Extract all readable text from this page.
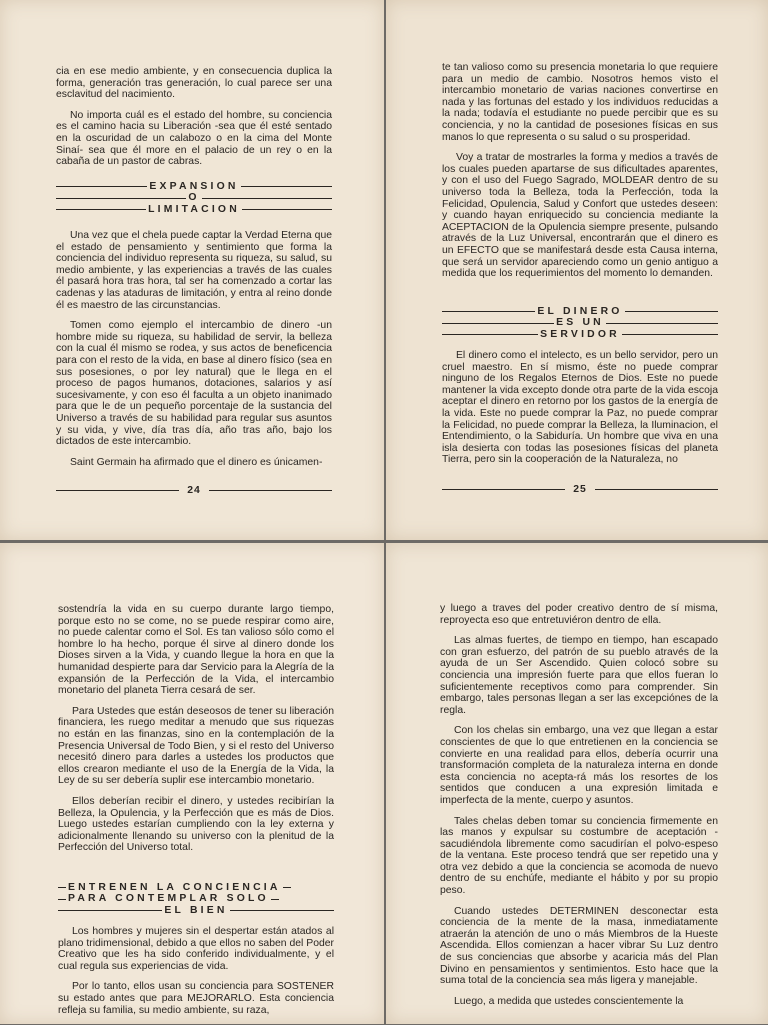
cia en ese medio ambiente, y en consecuencia duplica la forma, generación tras generación, lo cual parece ser una esclavitud del nacimiento.

No importa cuál es el estado del hombre, su conciencia es el camino hacia su Liberación -sea que él esté sentado en la oscuridad de un calabozo o en la cima del Monte Sinaí- sea que él more en el palacio de un rey o en la cabaña de un pastor de cabras.

EXPANSION
O
LIMITACION

Una vez que el chela puede captar la Verdad Eterna que el estado de pensamiento y sentimiento que forma la conciencia del individuo representa su riqueza, su salud, su medio ambiente, y las experiencias a través de las cuales él pasará hora tras hora, tal ser ha comenzado a cortar las cadenas y las ataduras de limitación, y entra al reino donde él es maestro de las circunstancias.

Tomen como ejemplo el intercambio de dinero -un hombre mide su riqueza, su habilidad de servir, la belleza con la cual él mismo se rodea, y sus actos de beneficencia para con el resto de la vida, en base al dinero físico (sea en sus posesiones, o por ley natural) que le llega en el proceso de pagos humanos, dotaciones, salarios y así sucesivamente, y con eso él faculta a un objeto inanimado para que le de un pequeño porcentaje de la sustancia del Universo a través de su habilidad para regular sus asuntos y su vida, y vive, día tras día, año tras año, bajo los dictados de este intercambio.

Saint Germain ha afirmado que el dinero es únicamen-

24

te tan valioso como su presencia monetaria lo que requiere para un medio de cambio. Nosotros hemos visto el intercambio monetario de varias naciones convertirse en nada y las fortunas del estado y los individuos reducidas a la nada; todavía el estudiante no puede percibir que es su conciencia, y no la cantidad de posesiones físicas en sus manos lo que representa o su salud o su prosperidad.

Voy a tratar de mostrarles la forma y medios a través de los cuales pueden apartarse de sus dificultades aparentes, y con el uso del Fuego Sagrado, MOLDEAR dentro de su universo toda la Belleza, toda la Perfección, toda la Felicidad, Opulencia, Salud y Confort que ustedes deseen: y cuando hayan enriquecido su conciencia mediante la ACEPTACION de la Opulencia siempre presente, pulsando através de la Luz Universal, encontrarán que el dinero es un EFECTO que se manifestará desde esta Causa interna, que será un servidor apareciendo como un genio antiguo a medida que los requerimientos del momento lo demanden.

EL DINERO
ES UN
SERVIDOR

El dinero como el intelecto, es un bello servidor, pero un cruel maestro. En sí mismo, éste no puede comprar ninguno de los Regalos Eternos de Dios. Este no puede mantener la vida excepto donde otra parte de la vida escoja aceptar el dinero en retorno por los gastos de la energía de la vida. Este no puede comprar la Paz, no puede comprar la Felicidad, no puede comprar la Belleza, la Iluminacion, el Entendimiento, o la Sabiduría. Un hombre que viva en una isla desierta con todas las posesiones físicas del planeta Tierra, pero sin la cooperación de la Naturaleza, no

25

sostendría la vida en su cuerpo durante largo tiempo, porque esto no se come, no se puede respirar como aire, no puede calentar como el Sol. Es tan valioso sólo como el hombre lo ha hecho, porque él sirve al dinero donde los Dioses sirven a la Vida, y cuando llegue la hora en que la humanidad despierte para dar Servicio para la Alegría de la expansión de la Perfección de la Vida, el intercambio monetario del planeta Tierra cesará de ser.

Para Ustedes que están deseosos de tener su liberación financiera, les ruego meditar a menudo que sus riquezas no están en las finanzas, sino en la contemplación de la Presencia Universal de Todo Bien, y si el resto del Universo necesitó dinero para darles a ustedes los productos que ellos crearon mediante el uso de la Energía de la Vida, la Ley de su ser debería suplir ese intercambio monetario.

Ellos deberían recibir el dinero, y ustedes recibirían la Belleza, la Opulencia, y la Perfección que es más de Dios. Luego ustedes estarían cumpliendo con la ley externa y adicionalmente llenando su universo con la plenitud de la Perfección del Universo total.

ENTRENEN LA CONCIENCIA
PARA CONTEMPLAR SOLO
EL BIEN

Los hombres y mujeres sin el despertar están atados al plano tridimensional, debido a que ellos no saben del Poder Creativo que les ha sido conferido individualmente, y el cual regula sus experiencias de vida.

Por lo tanto, ellos usan su conciencia para SOSTENER su estado antes que para MEJORARLO. Esta conciencia refleja su familia, su medio ambiente, su raza,

y luego a traves del poder creativo dentro de sí misma, reproyecta eso que entretuviéron dentro de ella.

Las almas fuertes, de tiempo en tiempo, han escapado con gran esfuerzo, del patrón de su pueblo através de la ayuda de un Ser Ascendido. Quien colocó sobre su conciencia una impresión fuerte para que ellos fueran lo suficientemente receptivos como para comprender. Sin embargo, tales personas llegan a ser las excepciónes de la regla.

Con los chelas sin embargo, una vez que llegan a estar conscientes de que lo que entretienen en la conciencia se convierte en una realidad para ellos, debería ocurrir una transformación completa de la naturaleza interna en donde esta conciencia no acepta-rá más los resortes de los sentidos que conducen a una expresión limitada e imperfecta de la mente, cuerpo y asuntos.

Tales chelas deben tomar su conciencia firmemente en las manos y expulsar su costumbre de aceptación -sacudiéndola libremente como sacudirían el polvo-espeso de la ventana. Este proceso tendrá que ser repetido una y otra vez debido a que la conciencia se acomoda de nuevo dentro de su enchúfe, mediante el hábito y por su propio peso.

Cuando ustedes DETERMINEN desconectar esta conciencia de la mente de la masa, inmediatamente atraerán la atención de uno o más Miembros de la Hueste Ascendida. Ellos comienzan a hacer vibrar Su Luz dentro de sus conciencias que absorbe y acaricia más del Plan Divino en pensamientos y sentimientos. Esto hace que la suma total de la conciencia sea más ligera y manejable.

Luego, a medida que ustedes conscientemente la
